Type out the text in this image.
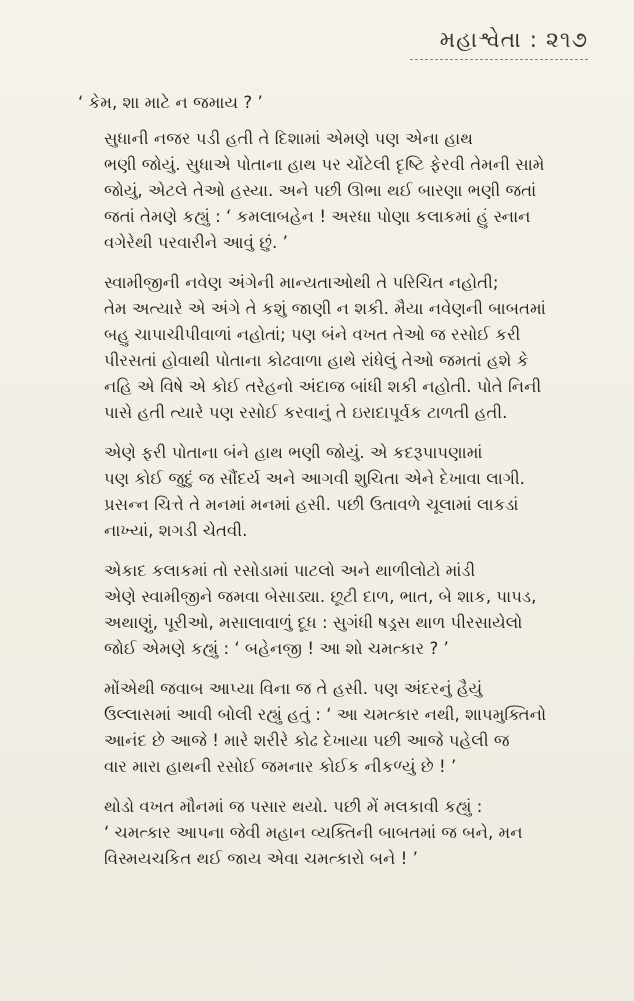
મહાશ્વેતા : ૨૧૭

‘ કેમ, શા માટે ન જમાય ? ’

સુધાની નજર પડી હતી તે દિશામાં એમણે પણ એના હાથ
ભણી જોયું. સુધાએ પોતાના હાથ પર ચોંટેલી દૃષ્ટિ ફેરવી તેમની સામે
જોયું, એટલે તેઓ હસ્યા. અને પછી ઊભા થઈ બારણા ભણી જતાં
જતાં તેમણે કહ્યું : ‘ કમલાબહેન ! અરધા પોણા કલાકમાં હું સ્નાન
વગેરેથી પરવારીને આવું છું. ’

સ્વામીજીની નવેણ અંગેની માન્યતાઓથી તે પરિચિત નહોતી;
તેમ અત્યારે એ અંગે તે કશું જાણી ન શકી. મૈયા નવેણની બાબતમાં
બહુ ચાપાચીપીવાળાં નહોતાં; પણ બંને વખત તેઓ જ રસોઈ કરી
પીરસતાં હોવાથી પોતાના કોઢવાળા હાથે રાંધેલું તેઓ જમતાં હશે કે
નહિ એ વિષે એ કોઈ તરેહનો અંદાજ બાંધી શકી નહોતી. પોતે નિની
પાસે હતી ત્યારે પણ રસોઈ કરવાનું તે ઇરાદાપૂર્વક ટાળતી હતી.

એણે ફરી પોતાના બંને હાથ ભણી જોયું. એ કદરૂપાપણામાં
પણ કોઈ જુદું જ સૌંદર્ય અને આગવી શુચિતા એને દેખાવા લાગી.
પ્રસન્ન ચિત્તે તે મનમાં મનમાં હસી. પછી ઉતાવળે ચૂલામાં લાકડાં
નાખ્યાં, શગડી ચેતવી.

એકાદ કલાકમાં તો રસોડામાં પાટલો અને થાળીલોટો માંડી
એણે સ્વામીજીને જમવા બેસાડ્યા. છૂટી દાળ, ભાત, બે શાક, પાપડ,
અથાણું, પૂરીઓ, મસાલાવાળું દૂધ : સુગંધી ષડ્રસ થાળ પીરસાયેલો
જોઈ એમણે કહ્યું : ‘ બહેનજી ! આ શો ચમત્કાર ? ’

મોંએથી જવાબ આપ્યા વિના જ તે હસી. પણ અંદરનું હૈયું
ઉલ્લાસમાં આવી બોલી રહ્યું હતું : ‘ આ ચમત્કાર નથી, શાપમુક્તિનો
આનંદ છે આજે ! મારે શરીરે કોઢ દેખાયા પછી આજે પહેલી જ
વાર મારા હાથની રસોઈ જમનાર કોઈક નીકળ્યું છે ! ’

થોડો વખત મૌનમાં જ પસાર થયો. પછી મેં મલકાવી કહ્યું :
‘ ચમત્કાર આપના જેવી મહાન વ્યક્તિની બાબતમાં જ બને, મન
વિસ્મયચકિત થઈ જાય એવા ચમત્કારો બને ! ’
